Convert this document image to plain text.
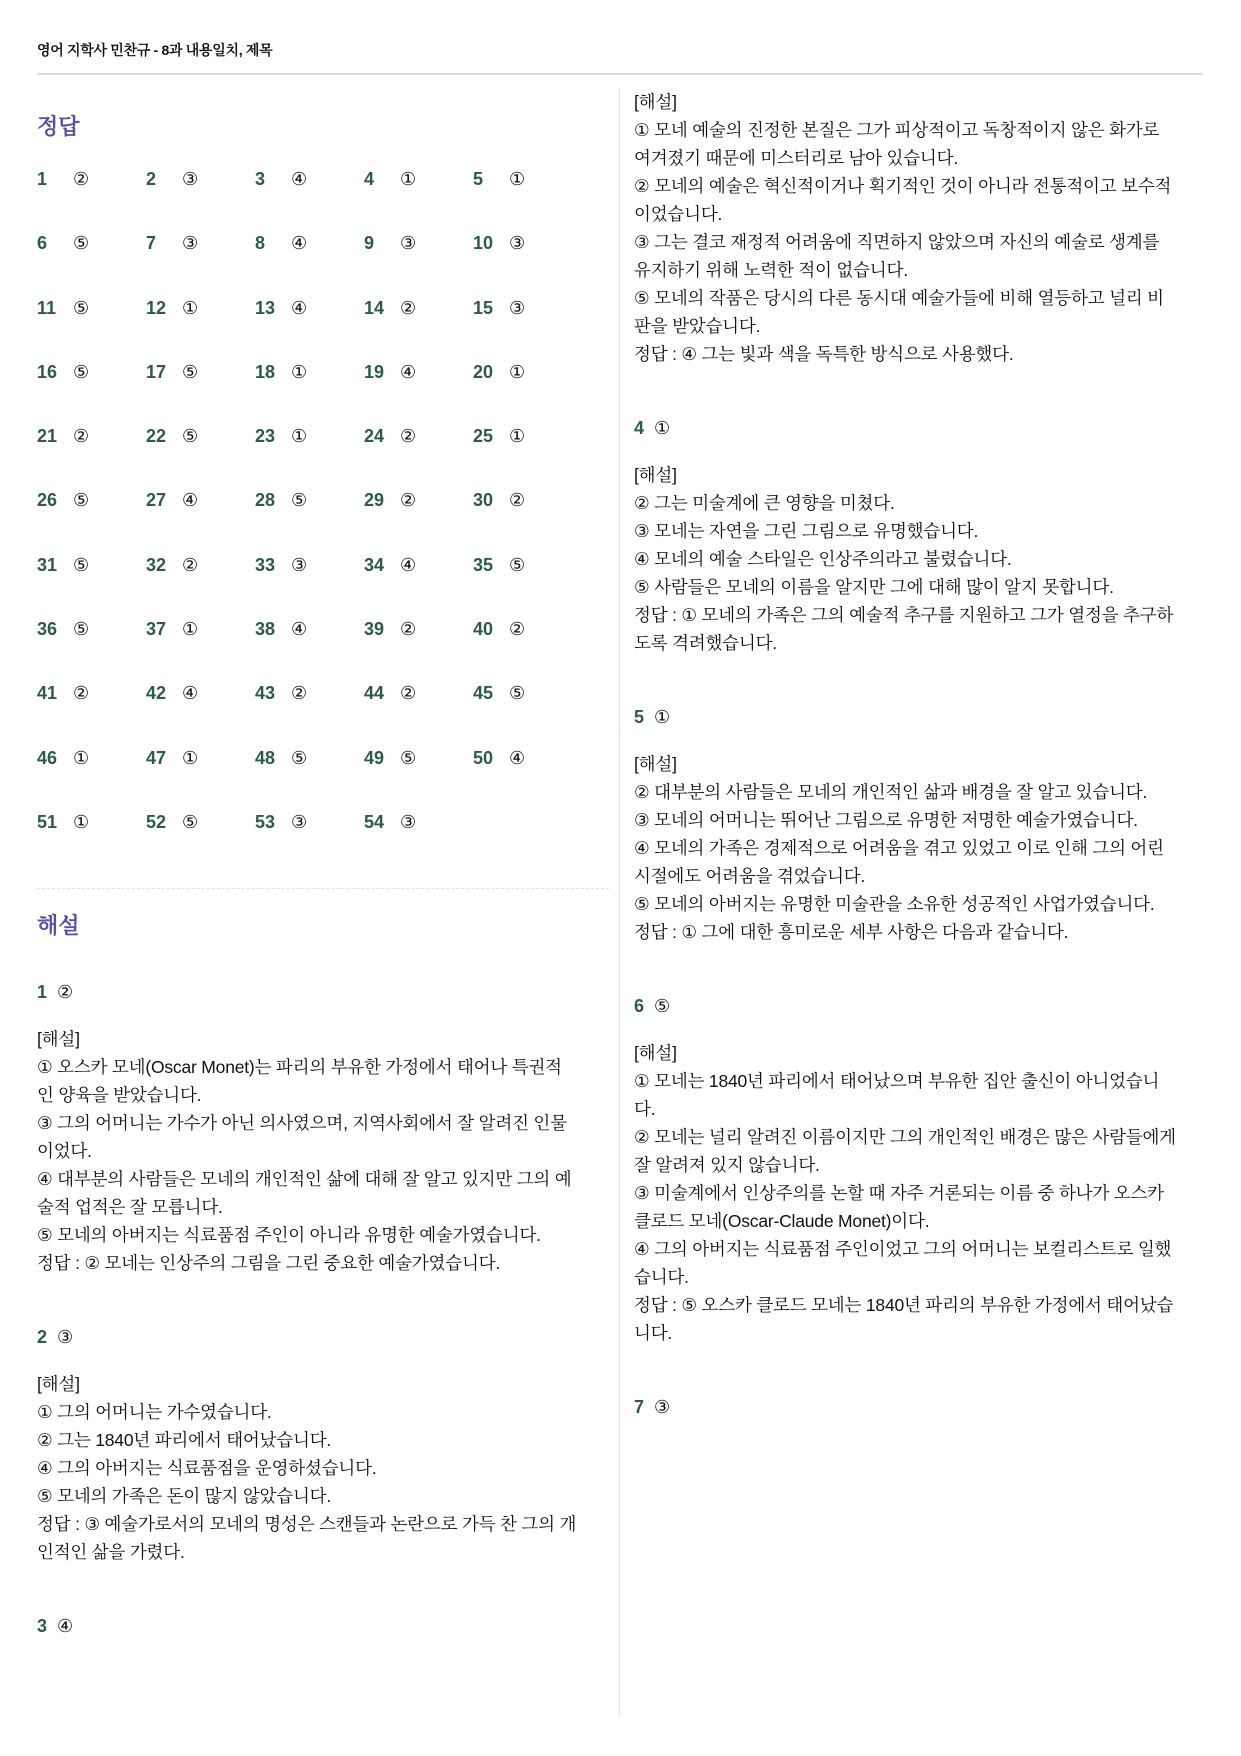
영어 지학사 민찬규 - 8과 내용일치, 제목
정답
1	②	2	③	3	④	4	①	5	①
6	⑤	7	③	8	④	9	③	10 ③
11 ⑤	12 ①	13 ④	14 ②	15 ③
16 ⑤	17 ⑤	18 ①	19 ④	20 ①
21 ②	22 ⑤	23 ①	24 ②	25 ①
26 ⑤	27 ④	28 ⑤	29 ②	30 ②
31 ⑤	32 ②	33 ③	34 ④	35 ⑤
36 ⑤	37 ①	38 ④	39 ②	40 ②
41 ②	42 ④	43 ②	44 ②	45 ⑤
46 ①	47 ①	48 ⑤	49 ⑤	50 ④
51 ①	52 ⑤	53 ③	54 ③
해설
1 ②
[해설]
① 오스카 모네(Oscar Monet)는 파리의 부유한 가정에서 태어나 특권적
인 양육을 받았습니다.
③ 그의 어머니는 가수가 아닌 의사였으며, 지역사회에서 잘 알려진 인물
이었다.
④ 대부분의 사람들은 모네의 개인적인 삶에 대해 잘 알고 있지만 그의 예
술적 업적은 잘 모릅니다.
⑤ 모네의 아버지는 식료품점 주인이 아니라 유명한 예술가였습니다.
정답 : ② 모네는 인상주의 그림을 그린 중요한 예술가였습니다.
2 ③
[해설]
① 그의 어머니는 가수였습니다.
② 그는 1840년 파리에서 태어났습니다.
④ 그의 아버지는 식료품점을 운영하셨습니다.
⑤ 모네의 가족은 돈이 많지 않았습니다.
정답 : ③ 예술가로서의 모네의 명성은 스캔들과 논란으로 가득 찬 그의 개
인적인 삶을 가렸다.
3 ④
[해설]
① 모네 예술의 진정한 본질은 그가 피상적이고 독창적이지 않은 화가로
여겨졌기 때문에 미스터리로 남아 있습니다.
② 모네의 예술은 혁신적이거나 획기적인 것이 아니라 전통적이고 보수적
이었습니다.
③ 그는 결코 재정적 어려움에 직면하지 않았으며 자신의 예술로 생계를
유지하기 위해 노력한 적이 없습니다.
⑤ 모네의 작품은 당시의 다른 동시대 예술가들에 비해 열등하고 널리 비
판을 받았습니다.
정답 : ④ 그는 빛과 색을 독특한 방식으로 사용했다.
4 ①
[해설]
② 그는 미술계에 큰 영향을 미쳤다.
③ 모네는 자연을 그린 그림으로 유명했습니다.
④ 모네의 예술 스타일은 인상주의라고 불렸습니다.
⑤ 사람들은 모네의 이름을 알지만 그에 대해 많이 알지 못합니다.
정답 : ① 모네의 가족은 그의 예술적 추구를 지원하고 그가 열정을 추구하
도록 격려했습니다.
5 ①
[해설]
② 대부분의 사람들은 모네의 개인적인 삶과 배경을 잘 알고 있습니다.
③ 모네의 어머니는 뛰어난 그림으로 유명한 저명한 예술가였습니다.
④ 모네의 가족은 경제적으로 어려움을 겪고 있었고 이로 인해 그의 어린
시절에도 어려움을 겪었습니다.
⑤ 모네의 아버지는 유명한 미술관을 소유한 성공적인 사업가였습니다.
정답 : ① 그에 대한 흥미로운 세부 사항은 다음과 같습니다.
6 ⑤
[해설]
① 모네는 1840년 파리에서 태어났으며 부유한 집안 출신이 아니었습니
다.
② 모네는 널리 알려진 이름이지만 그의 개인적인 배경은 많은 사람들에게
잘 알려져 있지 않습니다.
③ 미술계에서 인상주의를 논할 때 자주 거론되는 이름 중 하나가 오스카
클로드 모네(Oscar-Claude Monet)이다.
④ 그의 아버지는 식료품점 주인이었고 그의 어머니는 보컬리스트로 일했
습니다.
정답 : ⑤ 오스카 클로드 모네는 1840년 파리의 부유한 가정에서 태어났습
니다.
7 ③
